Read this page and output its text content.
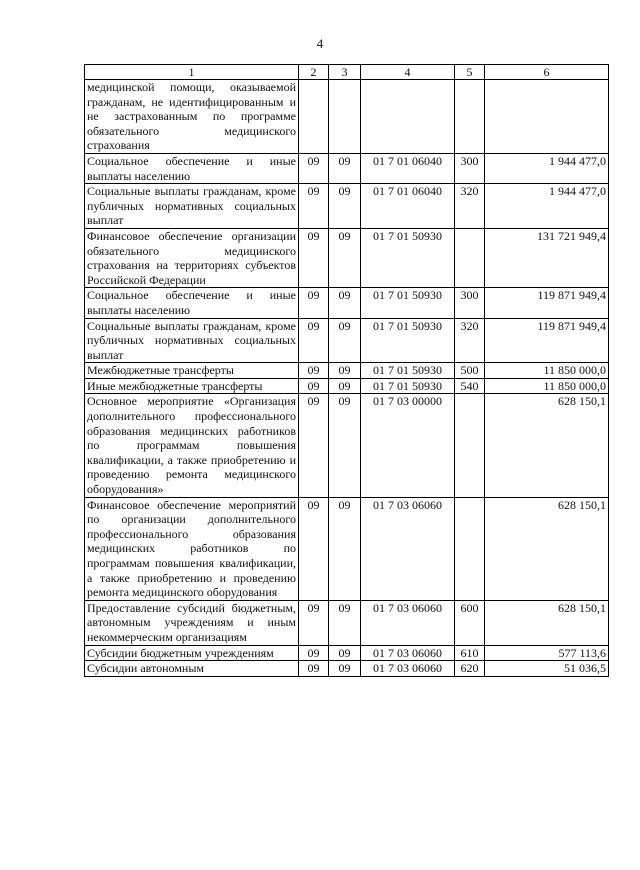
4
1	2	3	4	5	6
медицинской помощи, оказываемой гражданам, не идентифицированным и не застрахованным по программе обязательного медицинского страхования					
Социальное обеспечение и иные выплаты населению	09	09	01 7 01 06040	300	1 944 477,0
Социальные выплаты гражданам, кроме публичных нормативных социальных выплат	09	09	01 7 01 06040	320	1 944 477,0
Финансовое обеспечение организации обязательного медицинского страхования на территориях субъектов Российской Федерации	09	09	01 7 01 50930		131 721 949,4
Социальное обеспечение и иные выплаты населению	09	09	01 7 01 50930	300	119 871 949,4
Социальные выплаты гражданам, кроме публичных нормативных социальных выплат	09	09	01 7 01 50930	320	119 871 949,4
Межбюджетные трансферты	09	09	01 7 01 50930	500	11 850 000,0
Иные межбюджетные трансферты	09	09	01 7 01 50930	540	11 850 000,0
Основное мероприятие «Организация дополнительного профессионального образования медицинских работников по программам повышения квалификации, а также приобретению и проведению ремонта медицинского оборудования»	09	09	01 7 03 00000		628 150,1
Финансовое обеспечение мероприятий по организации дополнительного профессионального образования медицинских работников по программам повышения квалификации, а также приобретению и проведению ремонта медицинского оборудования	09	09	01 7 03 06060		628 150,1
Предоставление субсидий бюджетным, автономным учреждениям и иным некоммерческим организациям	09	09	01 7 03 06060	600	628 150,1
Субсидии бюджетным учреждениям	09	09	01 7 03 06060	610	577 113,6
Субсидии автономным	09	09	01 7 03 06060	620	51 036,5
